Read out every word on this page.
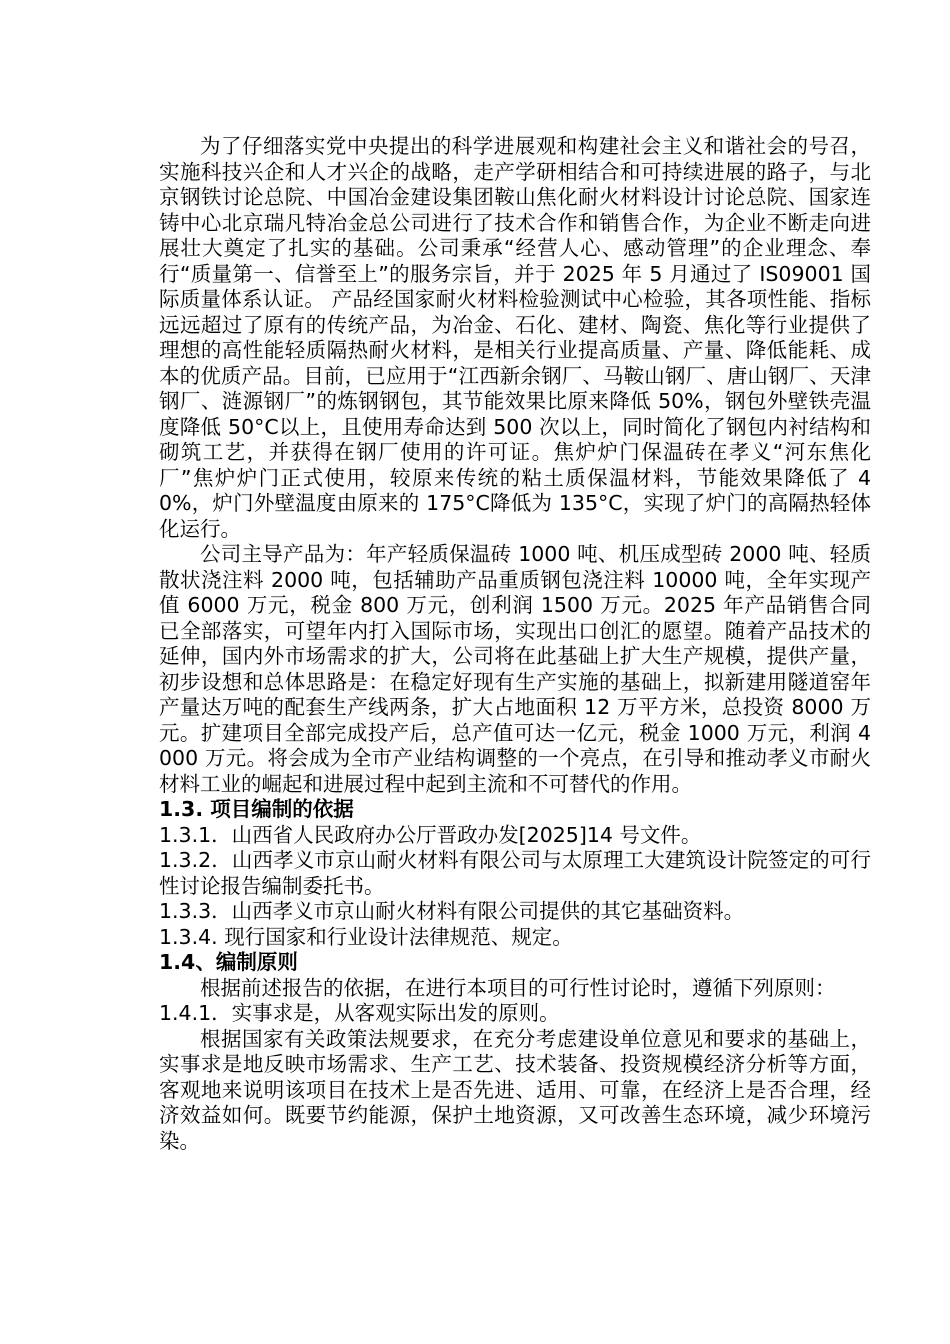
为了仔细落实党中央提出的科学进展观和构建社会主义和谐社会的号召，实施科技兴企和人才兴企的战略，走产学研相结合和可持续进展的路子，与北京钢铁讨论总院、中国冶金建设集团鞍山焦化耐火材料设计讨论总院、国家连铸中心北京瑞凡特冶金总公司进行了技术合作和销售合作，为企业不断走向进展壮大奠定了扎实的基础。公司秉承“经营人心、感动管理”的企业理念、奉行“质量第一、信誉至上”的服务宗旨，并于 2025 年 5 月通过了 IS09001 国际质量体系认证。 产品经国家耐火材料检验测试中心检验，其各项性能、指标远远超过了原有的传统产品，为冶金、石化、建材、陶瓷、焦化等行业提供了理想的高性能轻质隔热耐火材料，是相关行业提高质量、产量、降低能耗、成本的优质产品。目前，已应用于“江西新余钢厂、马鞍山钢厂、唐山钢厂、天津钢厂、涟源钢厂”的炼钢钢包，其节能效果比原来降低 50%，钢包外壁铁壳温度降低 50°C以上，且使用寿命达到 500 次以上，同时简化了钢包内衬结构和砌筑工艺，并获得在钢厂使用的许可证。焦炉炉门保温砖在孝义“河东焦化厂”焦炉炉门正式使用，较原来传统的粘土质保温材料，节能效果降低了 40%，炉门外壁温度由原来的 175°C降低为 135°C，实现了炉门的高隔热轻体化运行。

公司主导产品为：年产轻质保温砖 1000 吨、机压成型砖 2000 吨、轻质散状浇注料 2000 吨，包括辅助产品重质钢包浇注料 10000 吨，全年实现产值 6000 万元，税金 800 万元，创利润 1500 万元。2025 年产品销售合同已全部落实，可望年内打入国际市场，实现出口创汇的愿望。随着产品技术的延伸，国内外市场需求的扩大，公司将在此基础上扩大生产规模，提供产量，初步设想和总体思路是：在稳定好现有生产实施的基础上，拟新建用隧道窑年产量达万吨的配套生产线两条，扩大占地面积 12 万平方米，总投资 8000 万元。扩建项目全部完成投产后，总产值可达一亿元，税金 1000 万元，利润 4000 万元。将会成为全市产业结构调整的一个亮点，在引导和推动孝义市耐火材料工业的崛起和进展过程中起到主流和不可替代的作用。

1.3. 项目编制的依据

1.3.1．山西省人民政府办公厅晋政办发[2025]14 号文件。

1.3.2．山西孝义市京山耐火材料有限公司与太原理工大建筑设计院签定的可行性讨论报告编制委托书。

1.3.3．山西孝义市京山耐火材料有限公司提供的其它基础资料。

1.3.4. 现行国家和行业设计法律规范、规定。

1.4、编制原则

根据前述报告的依据，在进行本项目的可行性讨论时，遵循下列原则：

1.4.1．实事求是，从客观实际出发的原则。

根据国家有关政策法规要求，在充分考虑建设单位意见和要求的基础上，实事求是地反映市场需求、生产工艺、技术装备、投资规模经济分析等方面，客观地来说明该项目在技术上是否先进、适用、可靠，在经济上是否合理，经济效益如何。既要节约能源，保护土地资源，又可改善生态环境，减少环境污染。
